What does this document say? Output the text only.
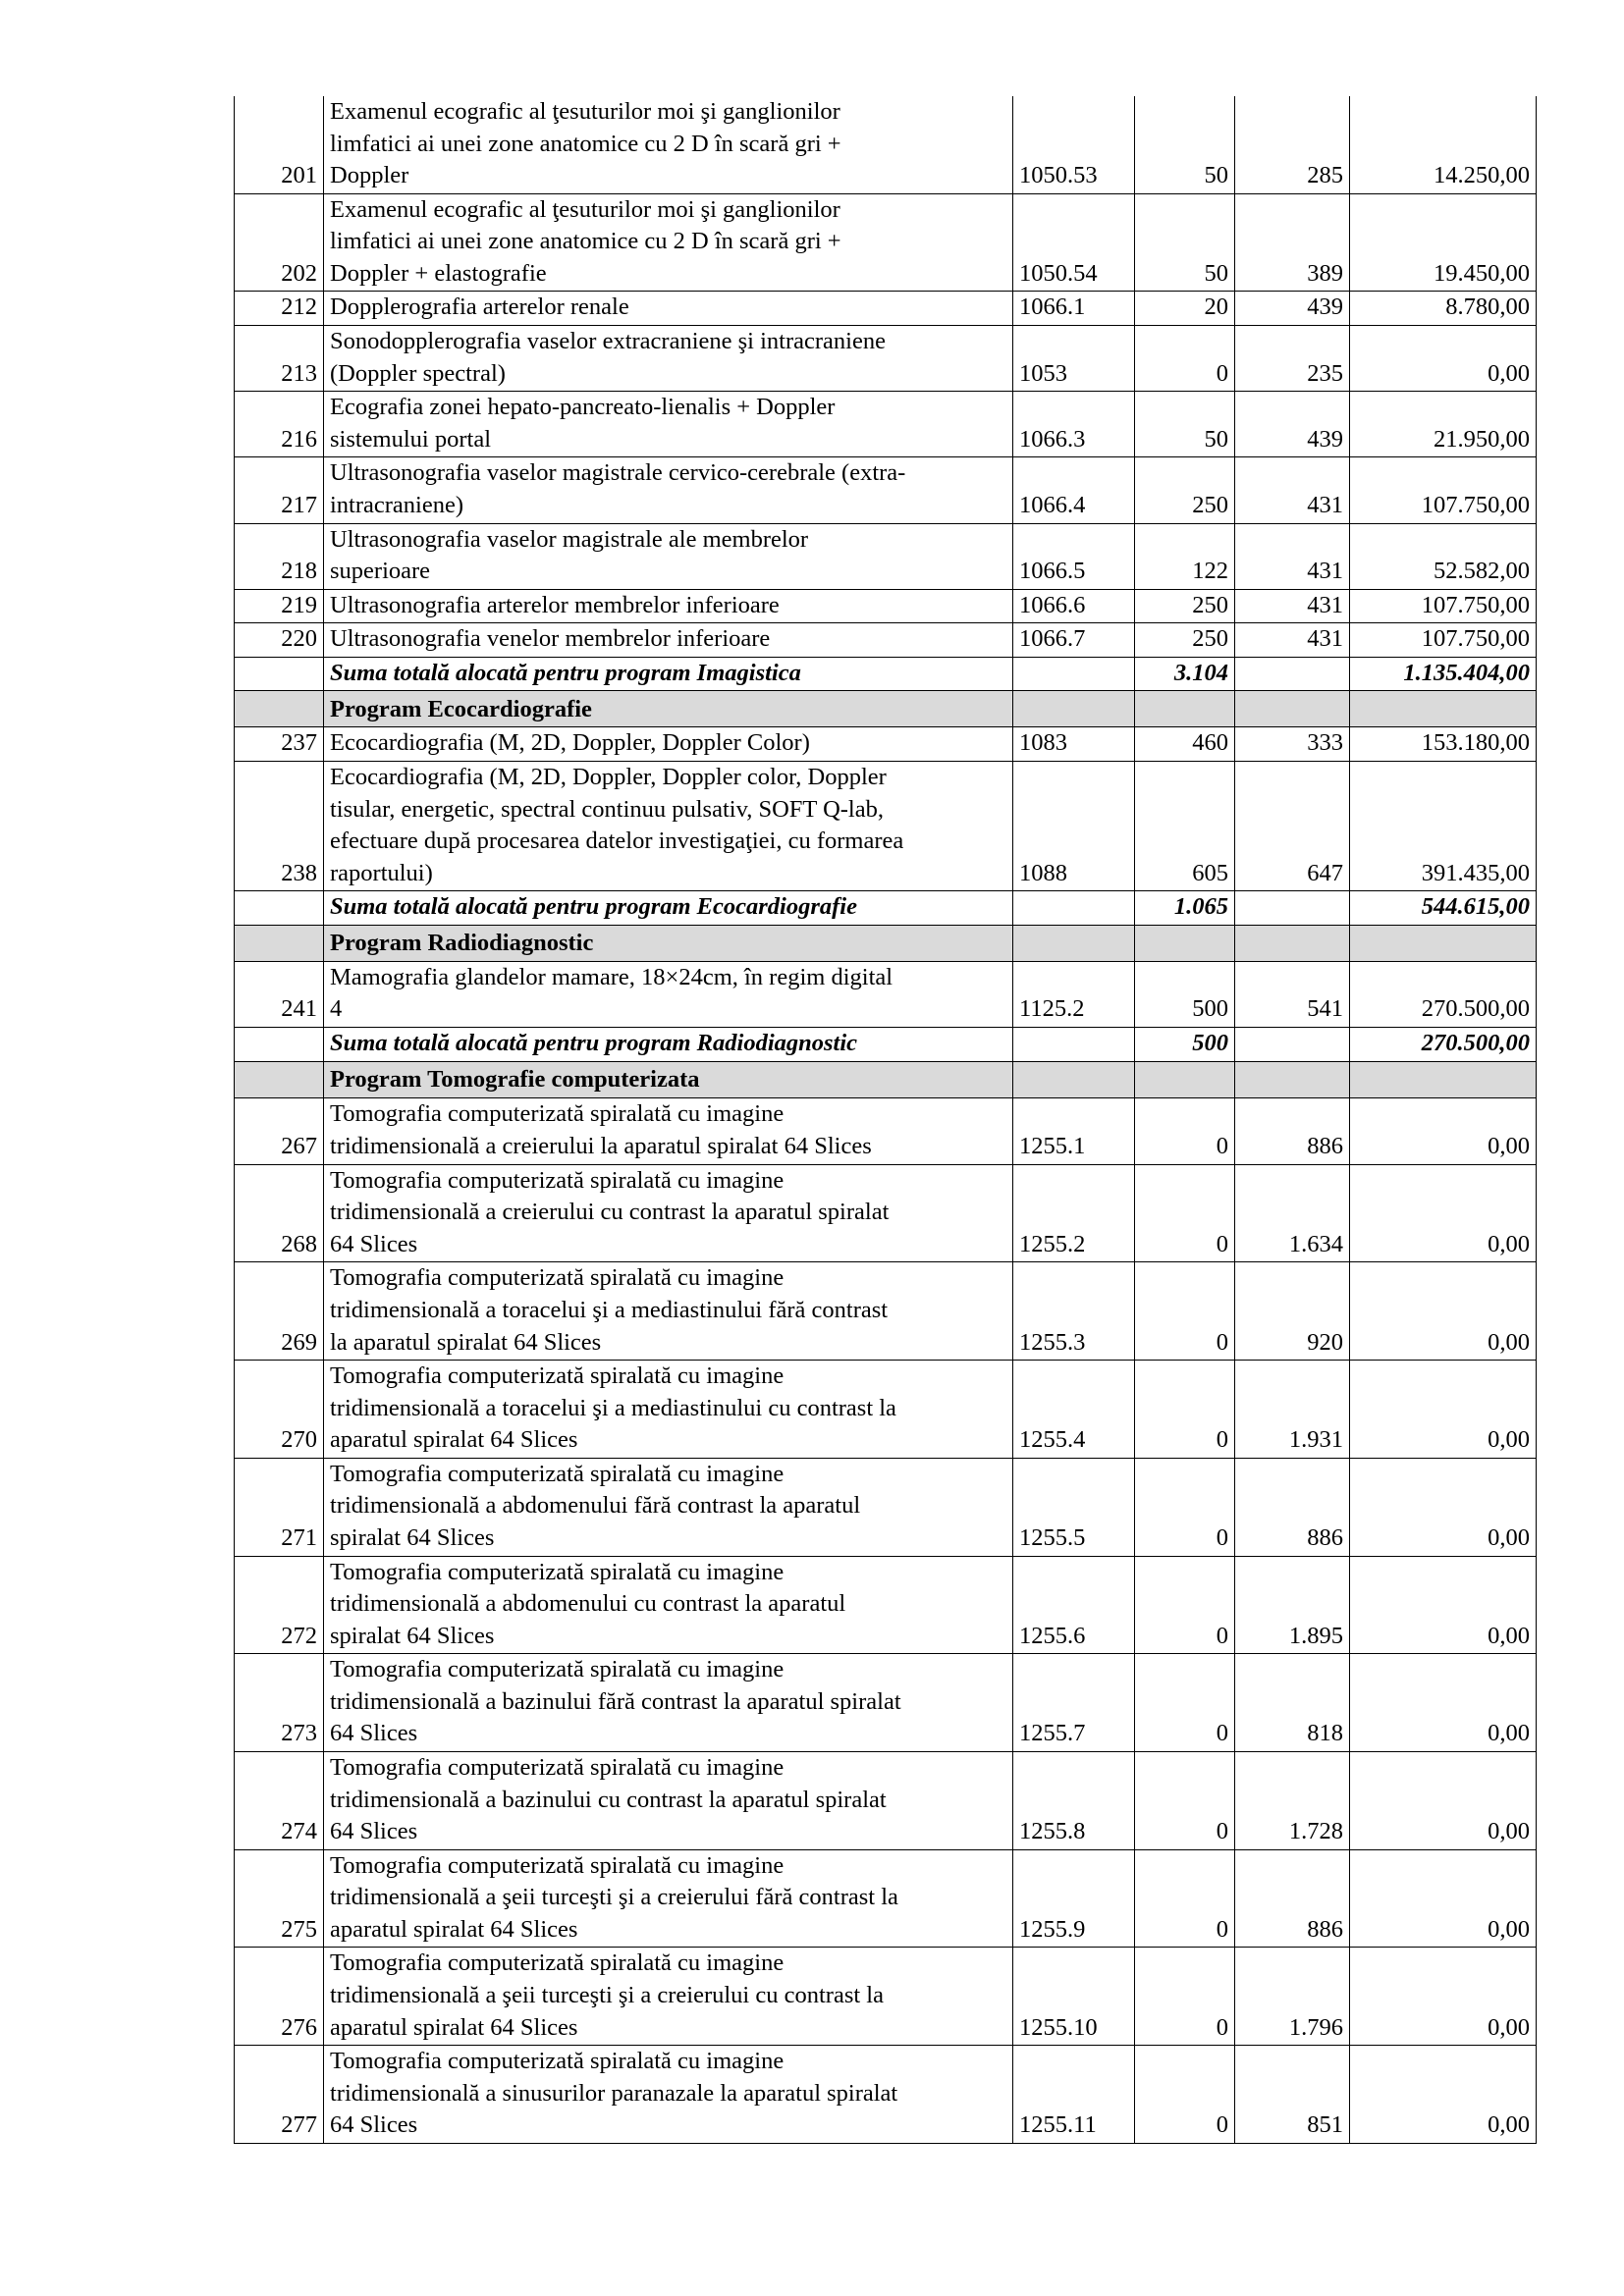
201	Examenul ecografic al ţesuturilor moi şi ganglionilor
limfatici ai unei zone anatomice cu 2 D în scară gri +
Doppler	1050.53	50	285	14.250,00
202	Examenul ecografic al ţesuturilor moi şi ganglionilor
limfatici ai unei zone anatomice cu 2 D în scară gri +
Doppler + elastografie	1050.54	50	389	19.450,00
212	Dopplerografia arterelor renale	1066.1	20	439	8.780,00
213	Sonodopplerografia vaselor extracraniene şi intracraniene
(Doppler spectral)	1053	0	235	0,00
216	Ecografia zonei hepato-pancreato-lienalis + Doppler
sistemului portal	1066.3	50	439	21.950,00
217	Ultrasonografia vaselor magistrale cervico-cerebrale (extra-
intracraniene)	1066.4	250	431	107.750,00
218	Ultrasonografia vaselor magistrale ale membrelor
superioare	1066.5	122	431	52.582,00
219	Ultrasonografia arterelor membrelor inferioare	1066.6	250	431	107.750,00
220	Ultrasonografia venelor membrelor inferioare	1066.7	250	431	107.750,00
	Suma totală alocată pentru program Imagistica		3.104		1.135.404,00
	Program Ecocardiografie				
237	Ecocardiografia (M, 2D, Doppler, Doppler Color)	1083	460	333	153.180,00
238	Ecocardiografia (M, 2D, Doppler, Doppler color, Doppler
tisular, energetic, spectral continuu pulsativ, SOFT Q-lab,
efectuare după procesarea datelor investigaţiei, cu formarea
raportului)	1088	605	647	391.435,00
	Suma totală alocată pentru program Ecocardiografie		1.065		544.615,00
	Program Radiodiagnostic				
241	Mamografia glandelor mamare, 18×24cm, în regim digital
4	1125.2	500	541	270.500,00
	Suma totală alocată pentru program Radiodiagnostic		500		270.500,00
	Program Tomografie computerizata				
267	Tomografia computerizată spiralată cu imagine
tridimensională a creierului la aparatul spiralat 64 Slices	1255.1	0	886	0,00
268	Tomografia computerizată spiralată cu imagine
tridimensională a creierului cu contrast la aparatul spiralat
64 Slices	1255.2	0	1.634	0,00
269	Tomografia computerizată spiralată cu imagine
tridimensională a toracelui şi a mediastinului fără contrast
la aparatul spiralat 64 Slices	1255.3	0	920	0,00
270	Tomografia computerizată spiralată cu imagine
tridimensională a toracelui şi a mediastinului cu contrast la
aparatul spiralat 64 Slices	1255.4	0	1.931	0,00
271	Tomografia computerizată spiralată cu imagine
tridimensională a abdomenului fără contrast la aparatul
spiralat 64 Slices	1255.5	0	886	0,00
272	Tomografia computerizată spiralată cu imagine
tridimensională a abdomenului cu contrast la aparatul
spiralat 64 Slices	1255.6	0	1.895	0,00
273	Tomografia computerizată spiralată cu imagine
tridimensională a bazinului fără contrast la aparatul spiralat
64 Slices	1255.7	0	818	0,00
274	Tomografia computerizată spiralată cu imagine
tridimensională a bazinului cu contrast la aparatul spiralat
64 Slices	1255.8	0	1.728	0,00
275	Tomografia computerizată spiralată cu imagine
tridimensională a şeii turceşti şi a creierului fără contrast la
aparatul spiralat 64 Slices	1255.9	0	886	0,00
276	Tomografia computerizată spiralată cu imagine
tridimensională a şeii turceşti şi a creierului cu contrast la
aparatul spiralat 64 Slices	1255.10	0	1.796	0,00
277	Tomografia computerizată spiralată cu imagine
tridimensională a sinusurilor paranazale la aparatul spiralat
64 Slices	1255.11	0	851	0,00
